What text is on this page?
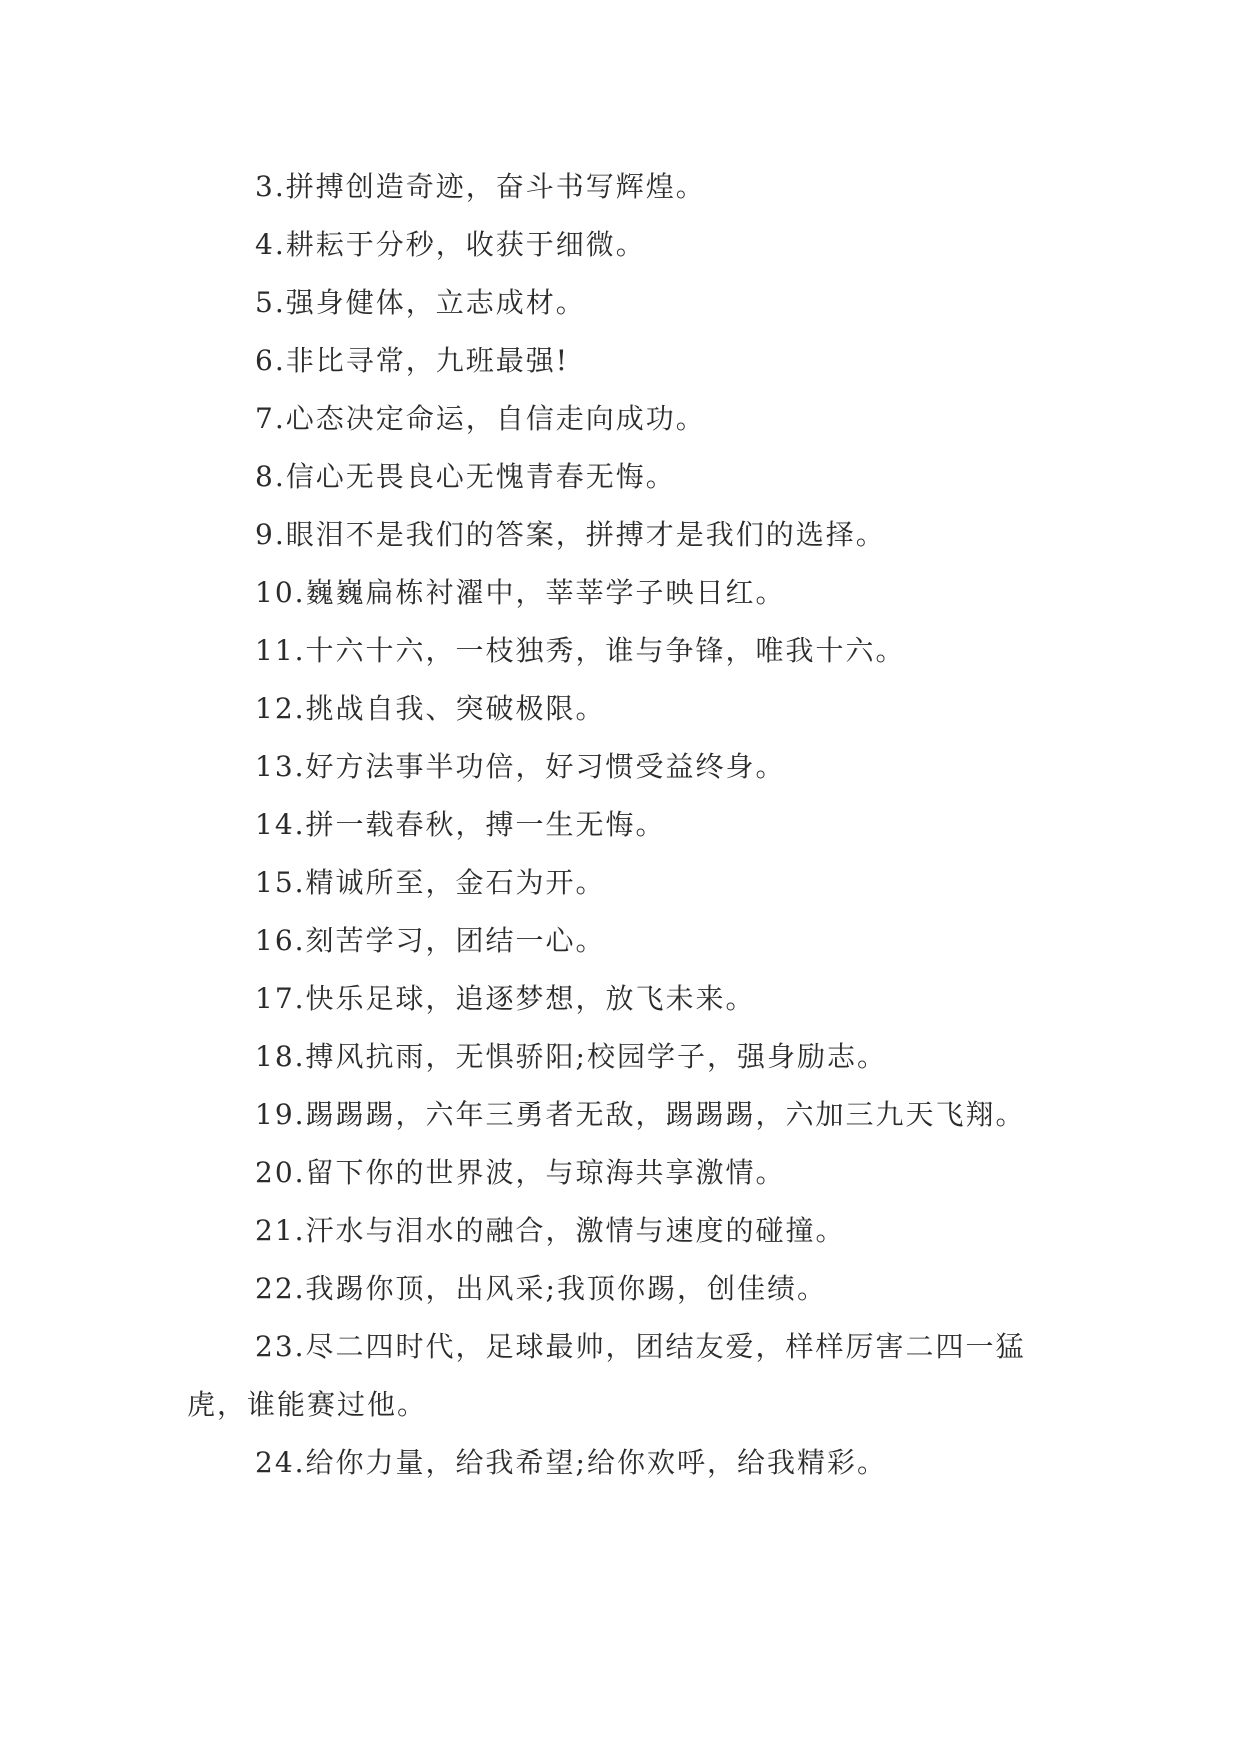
3.拼搏创造奇迹，奋斗书写辉煌。

4.耕耘于分秒，收获于细微。

5.强身健体，立志成材。

6.非比寻常，九班最强!

7.心态决定命运，自信走向成功。

8.信心无畏良心无愧青春无悔。

9.眼泪不是我们的答案，拼搏才是我们的选择。

10.巍巍扁栋衬濯中，莘莘学子映日红。

11.十六十六，一枝独秀，谁与争锋，唯我十六。

12.挑战自我、突破极限。

13.好方法事半功倍，好习惯受益终身。

14.拼一载春秋，搏一生无悔。

15.精诚所至，金石为开。

16.刻苦学习，团结一心。

17.快乐足球，追逐梦想，放飞未来。

18.搏风抗雨，无惧骄阳;校园学子，强身励志。

19.踢踢踢，六年三勇者无敌，踢踢踢，六加三九天飞翔。

20.留下你的世界波，与琼海共享激情。

21.汗水与泪水的融合，激情与速度的碰撞。

22.我踢你顶，出风采;我顶你踢，创佳绩。

23.尽二四时代，足球最帅，团结友爱，样样厉害二四一猛虎，谁能赛过他。

24.给你力量，给我希望;给你欢呼，给我精彩。
